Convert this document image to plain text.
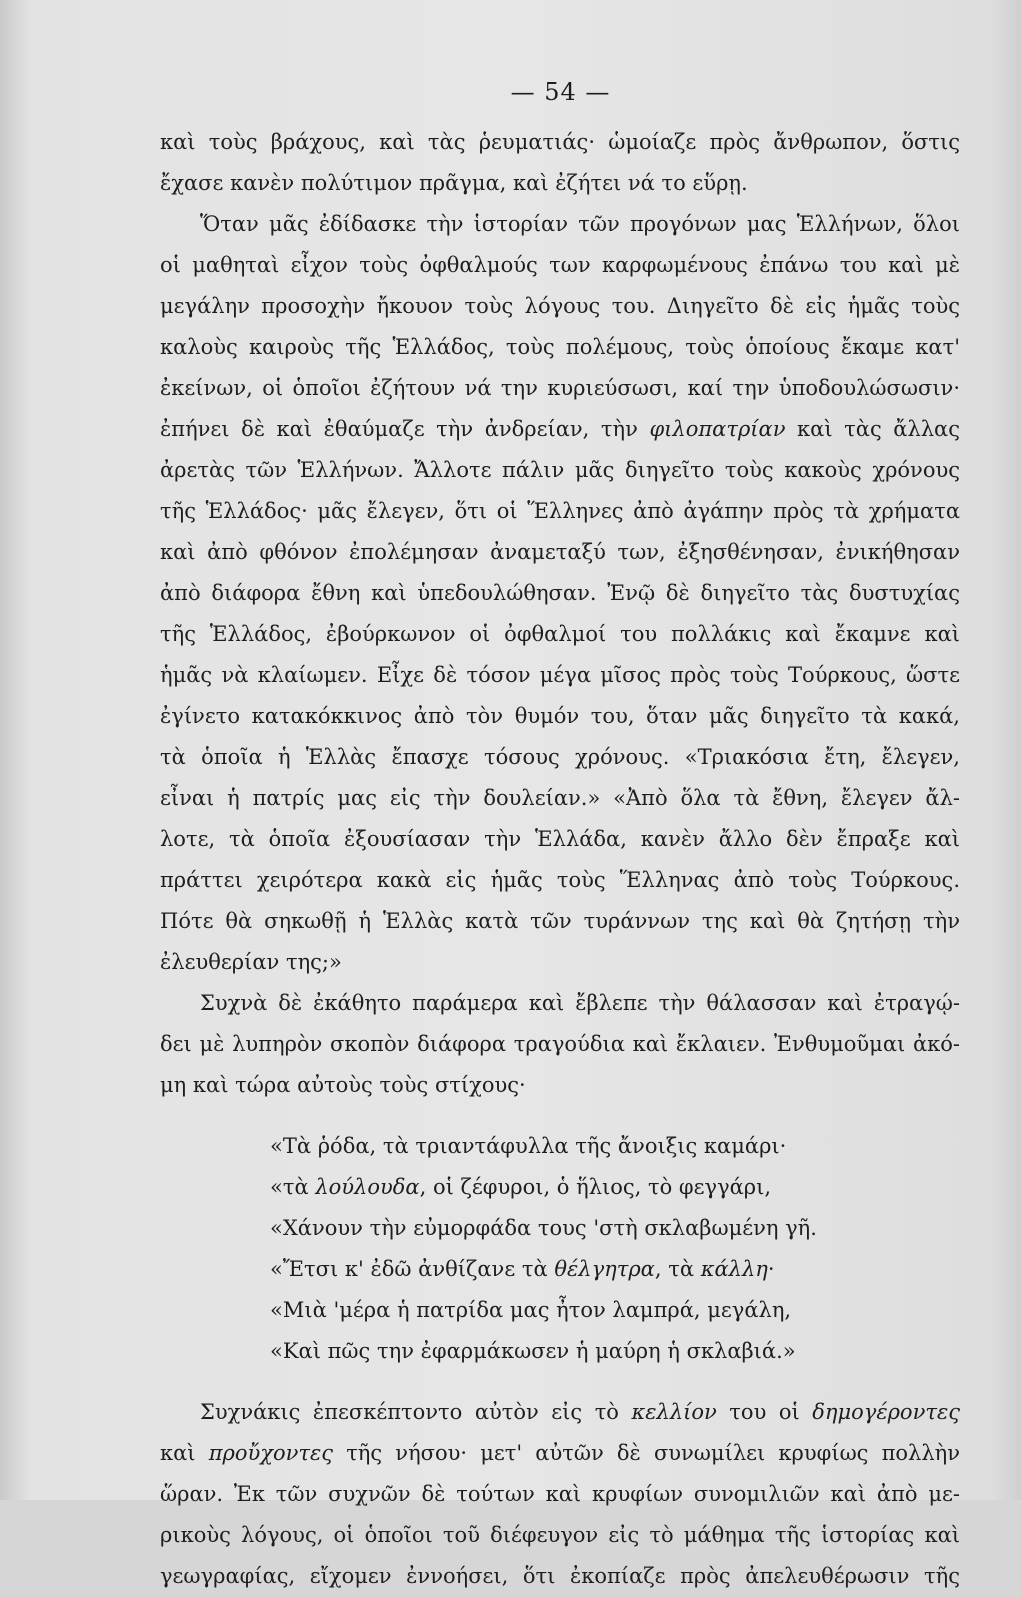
— 54 —
καὶ τοὺς βράχους, καὶ τὰς ῥευματιάς· ὡμοίαζε πρὸς ἄνθρωπον, ὅστις
ἔχασε κανὲν πολύτιμον πρᾶγμα, καὶ ἐζήτει νά το εὕρῃ.
Ὅταν μᾶς ἐδίδασκε τὴν ἱστορίαν τῶν προγόνων μας Ἑλλήνων, ὅλοι
οἱ μαθηταὶ εἶχον τοὺς ὀφθαλμούς των καρφωμένους ἐπάνω του καὶ μὲ
μεγάλην προσοχὴν ἤκουον τοὺς λόγους του. Διηγεῖτο δὲ εἰς ἡμᾶς τοὺς
καλοὺς καιροὺς τῆς Ἑλλάδος, τοὺς πολέμους, τοὺς ὁποίους ἔκαμε κατ'
ἐκείνων, οἱ ὁποῖοι ἐζήτουν νά την κυριεύσωσι, καί την ὑποδουλώσωσιν·
ἐπήνει δὲ καὶ ἐθαύμαζε τὴν ἀνδρείαν, τὴν φιλοπατρίαν καὶ τὰς ἄλλας
ἀρετὰς τῶν Ἑλλήνων. Ἄλλοτε πάλιν μᾶς διηγεῖτο τοὺς κακοὺς χρόνους
τῆς Ἑλλάδος· μᾶς ἔλεγεν, ὅτι οἱ Ἕλληνες ἀπὸ ἀγάπην πρὸς τὰ χρήματα
καὶ ἀπὸ φθόνον ἐπολέμησαν ἀναμεταξύ των, ἐξησθένησαν, ἐνικήθησαν
ἀπὸ διάφορα ἔθνη καὶ ὑπεδουλώθησαν. Ἐνῷ δὲ διηγεῖτο τὰς δυστυχίας
τῆς Ἑλλάδος, ἐβούρκωνον οἱ ὀφθαλμοί του πολλάκις καὶ ἔκαμνε καὶ
ἡμᾶς νὰ κλαίωμεν. Εἶχε δὲ τόσον μέγα μῖσος πρὸς τοὺς Τούρκους, ὥστε
ἐγίνετο κατακόκκινος ἀπὸ τὸν θυμόν του, ὅταν μᾶς διηγεῖτο τὰ κακά,
τὰ ὁποῖα ἡ Ἑλλὰς ἔπασχε τόσους χρόνους. «Τριακόσια ἔτη, ἔλεγεν,
εἶναι ἡ πατρίς μας εἰς τὴν δουλείαν.» «Ἀπὸ ὅλα τὰ ἔθνη, ἔλεγεν ἄλ-
λοτε, τὰ ὁποῖα ἐξουσίασαν τὴν Ἑλλάδα, κανὲν ἄλλο δὲν ἔπραξε καὶ
πράττει χειρότερα κακὰ εἰς ἡμᾶς τοὺς Ἕλληνας ἀπὸ τοὺς Τούρκους.
Πότε θὰ σηκωθῇ ἡ Ἑλλὰς κατὰ τῶν τυράννων της καὶ θὰ ζητήσῃ τὴν
ἐλευθερίαν της;»
Συχνὰ δὲ ἐκάθητο παράμερα καὶ ἔβλεπε τὴν θάλασσαν καὶ ἐτραγῴ-
δει μὲ λυπηρὸν σκοπὸν διάφορα τραγούδια καὶ ἔκλαιεν. Ἐνθυμοῦμαι ἀκό-
μη καὶ τώρα αὐτοὺς τοὺς στίχους·
«Τὰ ῥόδα, τὰ τριαντάφυλλα τῆς ἄνοιξις καμάρι·
«τὰ λούλουδα, οἱ ζέφυροι, ὁ ἥλιος, τὸ φεγγάρι,
«Χάνουν τὴν εὐμορφάδα τους 'στὴ σκλαβωμένη γῆ.
«Ἔτσι κ' ἐδῶ ἀνθίζανε τὰ θέλγητρα, τὰ κάλλη·
«Μιὰ 'μέρα ἡ πατρίδα μας ἦτον λαμπρά, μεγάλη,
«Καὶ πῶς την ἐφαρμάκωσεν ἡ μαύρη ἡ σκλαβιά.»
Συχνάκις ἐπεσκέπτοντο αὐτὸν εἰς τὸ κελλίον του οἱ δημογέροντες
καὶ προὔχοντες τῆς νήσου· μετ' αὐτῶν δὲ συνωμίλει κρυφίως πολλὴν
ὥραν. Ἐκ τῶν συχνῶν δὲ τούτων καὶ κρυφίων συνομιλιῶν καὶ ἀπὸ με-
ρικοὺς λόγους, οἱ ὁποῖοι τοῦ διέφευγον εἰς τὸ μάθημα τῆς ἱστορίας καὶ
γεωγραφίας, εἴχομεν ἐννοήσει, ὅτι ἐκοπίαζε πρὸς ἀπελευθέρωσιν τῆς
